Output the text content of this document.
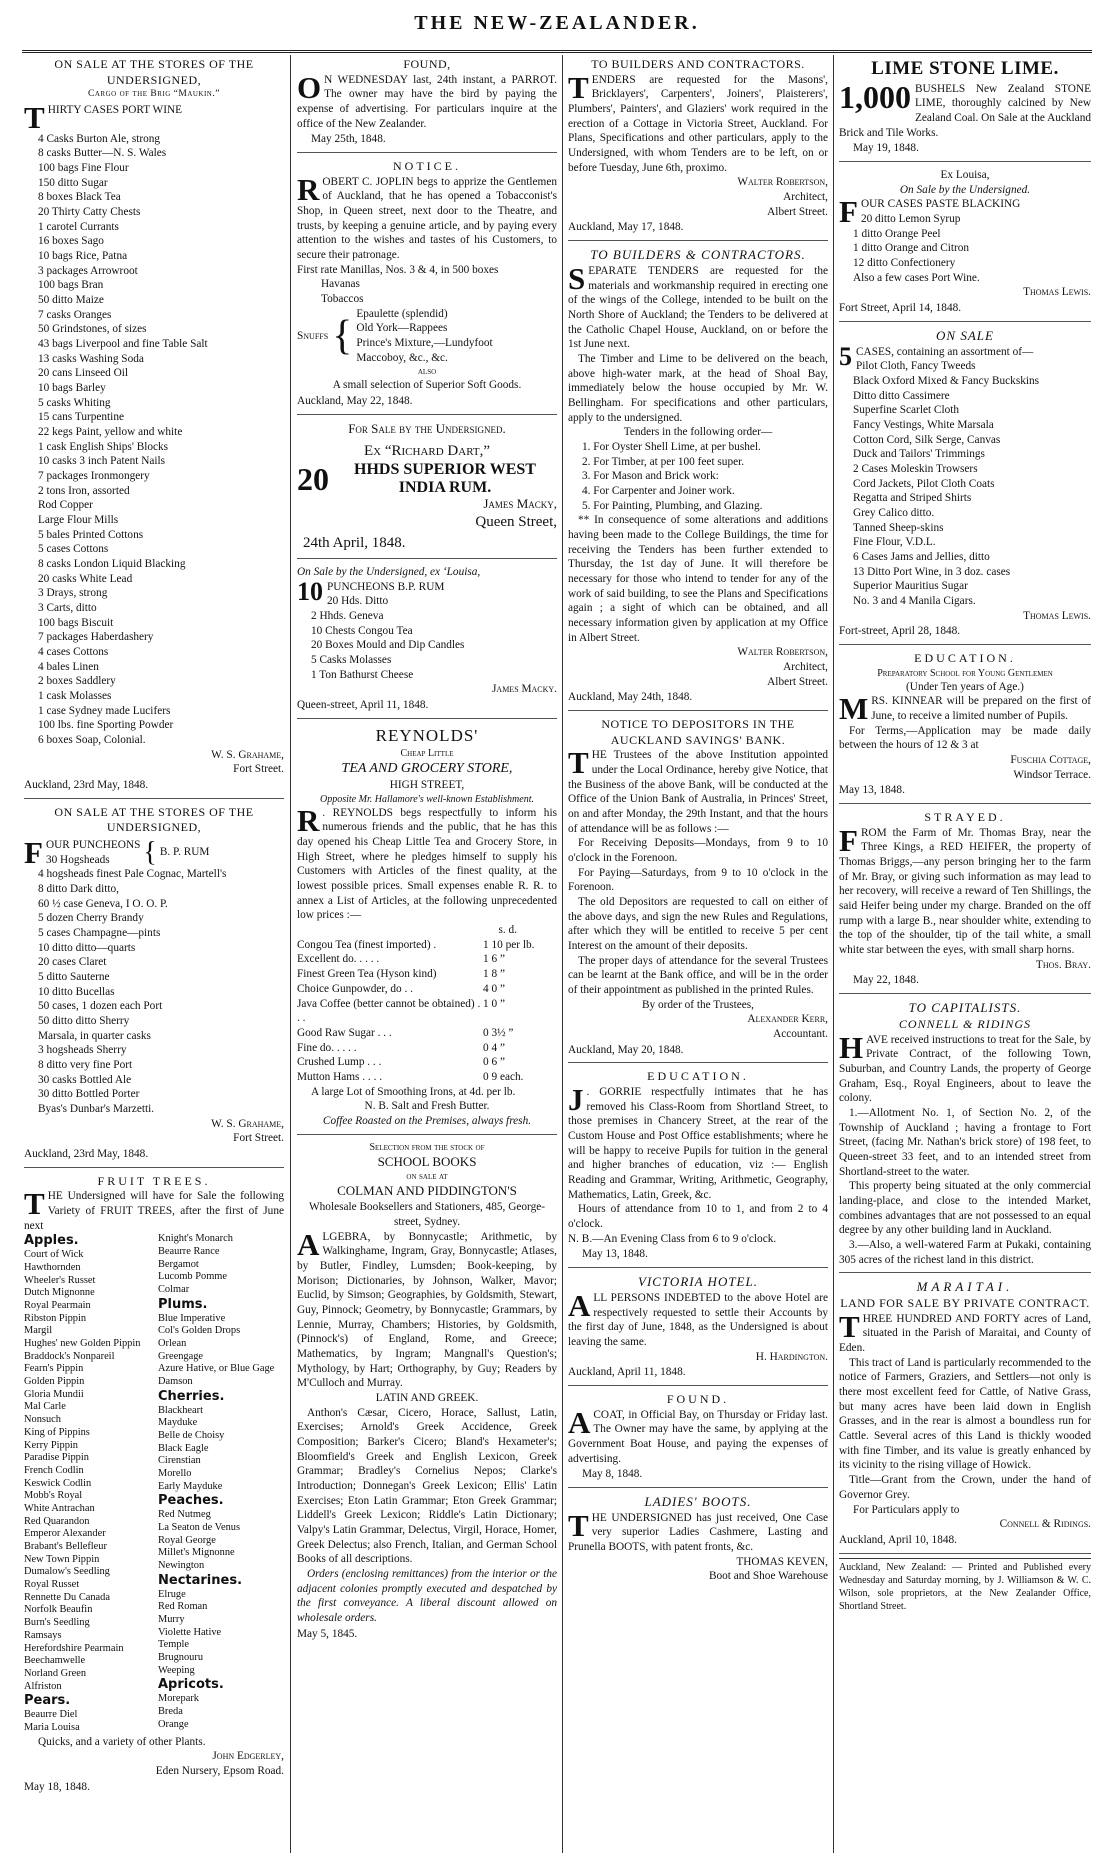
THE NEW-ZEALANDER.
ON SALE AT THE STORES OF THE UNDERSIGNED,
Cargo of the Brig “Maukin.”
THIRTY CASES PORT WINE
4 Casks Burton Ale, strong
8 casks Butter—N. S. Wales
100 bags Fine Flour
150 ditto Sugar
8 boxes Black Tea
20 Thirty Catty Chests
1 carotel Currants
16 boxes Sago
10 bags Rice, Patna
3 packages Arrowroot
100 bags Bran
50 ditto Maize
7 casks Oranges
50 Grindstones, of sizes
43 bags Liverpool and fine Table Salt
13 casks Washing Soda
20 cans Linseed Oil
10 bags Barley
5 casks Whiting
15 cans Turpentine
22 kegs Paint, yellow and white
1 cask English Ships' Blocks
10 casks 3 inch Patent Nails
7 packages Ironmongery
2 tons Iron, assorted
Rod Copper
Large Flour Mills
5 bales Printed Cottons
5 cases Cottons
8 casks London Liquid Blacking
20 casks White Lead
3 Drays, strong
3 Carts, ditto
100 bags Biscuit
7 packages Haberdashery
4 cases Cottons
4 bales Linen
2 boxes Saddlery
1 cask Molasses
1 case Sydney made Lucifers
100 lbs. fine Sporting Powder
6 boxes Soap, Colonial.
W. S. Grahame,
Fort Street.
Auckland, 23rd May, 1848.
ON SALE AT THE STORES OF THE UNDERSIGNED,
FOUR PUNCHEONS
30 Hogsheads	{ B. P. RUM
4 hogsheads finest Pale Cognac, Martell's
8 ditto Dark ditto,
60 ½ case Geneva, I O. O. P.
5 dozen Cherry Brandy
5 cases Champagne—pints
10 ditto ditto—quarts
20 cases Claret
5 ditto Sauterne
10 ditto Bucellas
50 cases, 1 dozen each Port
50 ditto ditto Sherry
Marsala, in quarter casks
3 hogsheads Sherry
8 ditto very fine Port
30 casks Bottled Ale
30 ditto Bottled Porter
Byas's Dunbar's Marzetti.
W. S. Grahame,
Fort Street.
Auckland, 23rd May, 1848.
FRUIT TREES.
THE Undersigned will have for Sale the following Variety of FRUIT TREES, after the first of June next
Apples.
Court of Wick
Hawthornden
Wheeler's Russet
Dutch Mignonne
Royal Pearmain
Ribston Pippin
Margil
Hughes' new Golden Pippin
Braddock's Nonpareil
Fearn's Pippin
Golden Pippin
Gloria Mundii
Mal Carle
Nonsuch
King of Pippins
Kerry Pippin
Paradise Pippin
French Codlin
Keswick Codlin
Mobb's Royal
White Antrachan
Red Quarandon
Emperor Alexander
Brabant's Bellefleur
New Town Pippin
Dumalow's Seedling
Royal Russet
Rennette Du Canada
Norfolk Beaufin
Burn's Seedling
Ramsays
Herefordshire Pearmain
Beechamwelle
Norland Green
Alfriston
Pears.
Beaurre Diel
Maria Louisa
Knight's Monarch
Beaurre Rance
Bergamot
Lucomb Pomme
Colmar
Plums.
Blue Imperative
Col's Golden Drops
Orlean
Greengage
Azure Hative, or Blue Gage
Damson
Cherries.
Blackheart
Mayduke
Belle de Choisy
Black Eagle
Cirenstian
Morello
Early Mayduke
Peaches.
Red Nutmeg
La Seaton de Venus
Royal George
Millet's Mignonne
Newington
Nectarines.
Elruge
Red Roman
Murry
Violette Hative
Temple
Brugnouru
Weeping
Apricots.
Morepark
Breda
Orange
Quicks, and a variety of other Plants.
John Edgerley,
Eden Nursery, Epsom Road.
May 18, 1848.
FOUND,
O N WEDNESDAY last, 24th instant, a PARROT. The owner may have the bird by paying the expense of advertising. For particulars inquire at the office of the New Zealander.
May 25th, 1848.
NOTICE.
ROBERT C. JOPLIN begs to apprize the Gentlemen of Auckland, that he has opened a Tobacconist's Shop, in Queen street, next door to the Theatre, and trusts, by keeping a genuine article, and by paying every attention to the wishes and tastes of his Customers, to secure their patronage.
First rate Manillas, Nos. 3 & 4, in 500 boxes
Havanas
Tobaccos
Snuffs { Epaulette (splendid)
Old York—Rappees
Prince's Mixture,—Lundyfoot
Maccoboy, &c., &c.
also
A small selection of Superior Soft Goods.
Auckland, May 22, 1848.
For Sale by the Undersigned.
Ex “Richard Dart,”
20	HHDS SUPERIOR WEST INDIA RUM.
James Macky,
Queen Street,
24th April, 1848.
On Sale by the Undersigned, ex ‘Louisa,
10 PUNCHEONS B.P. RUM
20 Hds. Ditto
2 Hhds. Geneva
10 Chests Congou Tea
20 Boxes Mould and Dip Candles
5 Casks Molasses
1 Ton Bathurst Cheese
James Macky.
Queen-street, April 11, 1848.
REYNOLDS'
Cheap Little
TEA AND GROCERY STORE,
HIGH STREET,
Opposite Mr. Hallamore's well-known Establishment.
R . REYNOLDS begs respectfully to inform his numerous friends and the public, that he has this day opened his Cheap Little Tea and Grocery Store, in High Street, where he pledges himself to supply his Customers with Articles of the finest quality, at the lowest possible prices. Small expenses enable R. R. to annex a List of Articles, at the following unprecedented low prices :—
s. d.
Congou Tea (finest imported) .	1 10 per lb.
Excellent do. . . . .	1 6 ”
Finest Green Tea (Hyson kind)	1 8 ”
Choice Gunpowder, do . .	4 0 ”
Java Coffee (better cannot be obtained) . . .
1 0 ”
Good Raw Sugar . . .	0 3½ ”
Fine do. . . . .	0 4 ”
Crushed Lump . . .	0 6 ”
Mutton Hams . . . .	0 9 each.
A large Lot of Smoothing Irons, at 4d. per lb.
N. B. Salt and Fresh Butter.
Coffee Roasted on the Premises, always fresh.
Selection from the stock of
SCHOOL BOOKS
on sale at
COLMAN AND PIDDINGTON'S
Wholesale Booksellers and Stationers, 485, George-street, Sydney.
ALGEBRA, by Bonnycastle; Arithmetic, by Walkinghame, Ingram, Gray, Bonnycastle; Atlases, by Butler, Findley, Lumsden; Book-keeping, by Morison; Dictionaries, by Johnson, Walker, Mavor; Euclid, by Simson; Geographies, by Goldsmith, Stewart, Guy, Pinnock; Geometry, by Bonnycastle; Grammars, by Lennie, Murray, Chambers; Histories, by Goldsmith, (Pinnock's) of England, Rome, and Greece; Mathematics, by Ingram; Mangnall's Question's; Mythology, by Hart; Orthography, by Guy; Readers by M'Culloch and Murray.
LATIN AND GREEK.
Anthon's Cæsar, Cicero, Horace, Sallust, Latin, Exercises; Arnold's Greek Accidence, Greek Composition; Barker's Cicero; Bland's Hexameter's; Bloomfield's Greek and English Lexicon, Greek Grammar; Bradley's Cornelius Nepos; Clarke's Introduction; Donnegan's Greek Lexicon; Ellis' Latin Exercises; Eton Latin Grammar; Eton Greek Grammar; Liddell's Greek Lexicon; Riddle's Latin Dictionary; Valpy's Latin Grammar, Delectus, Virgil, Horace, Homer, Greek Delectus; also French, Italian, and German School Books of all descriptions.
Orders (enclosing remittances) from the interior or the adjacent colonies promptly executed and despatched by the first conveyance. A liberal discount allowed on wholesale orders.
May 5, 1845.
TO BUILDERS AND CONTRACTORS.
TENDERS are requested for the Masons', Bricklayers', Carpenters', Joiners', Plaisterers', Plumbers', Painters', and Glaziers' work required in the erection of a Cottage in Victoria Street, Auckland. For Plans, Specifications and other particulars, apply to the Undersigned, with whom Tenders are to be left, on or before Tuesday, June 6th, proximo.
Walter Robertson,
Architect,
Albert Street.
Auckland, May 17, 1848.
TO BUILDERS & CONTRACTORS.
SEPARATE TENDERS are requested for the materials and workmanship required in erecting one of the wings of the College, intended to be built on the North Shore of Auckland; the Tenders to be delivered at the Catholic Chapel House, Auckland, on or before the 1st June next.
The Timber and Lime to be delivered on the beach, above high-water mark, at the head of Shoal Bay, immediately below the house occupied by Mr. W. Bellingham. For specifications and other particulars, apply to the undersigned.
Tenders in the following order—
1. For Oyster Shell Lime, at per bushel.
2. For Timber, at per 100 feet super.
3. For Mason and Brick work:
4. For Carpenter and Joiner work.
5. For Painting, Plumbing, and Glazing.
*⁠*⁠ In consequence of some alterations and additions having been made to the College Buildings, the time for receiving the Tenders has been further extended to Thursday, the 1st day of June. It will therefore be necessary for those who intend to tender for any of the work of said building, to see the Plans and Specifications again ; a sight of which can be obtained, and all necessary information given by application at my Office in Albert Street.
Walter Robertson,
Architect,
Albert Street.
Auckland, May 24th, 1848.
NOTICE TO DEPOSITORS IN THE AUCKLAND SAVINGS' BANK.
THE Trustees of the above Institution appointed under the Local Ordinance, hereby give Notice, that the Business of the above Bank, will be conducted at the Office of the Union Bank of Australia, in Princes' Street, on and after Monday, the 29th Instant, and that the hours of attendance will be as follows :—
For Receiving Deposits—Mondays, from 9 to 10 o'clock in the Forenoon.
For Paying—Saturdays, from 9 to 10 o'clock in the Forenoon.
The old Depositors are requested to call on either of the above days, and sign the new Rules and Regulations, after which they will be entitled to receive 5 per cent Interest on the amount of their deposits.
The proper days of attendance for the several Trustees can be learnt at the Bank office, and will be in the order of their appointment as published in the printed Rules.
By order of the Trustees,
Alexander Kerr,
Accountant.
Auckland, May 20, 1848.
EDUCATION.
J . GORRIE respectfully intimates that he has removed his Class-Room from Shortland Street, to those premises in Chancery Street, at the rear of the Custom House and Post Office establishments; where he will be happy to receive Pupils for tuition in the general and higher branches of education, viz :— English Reading and Grammar, Writing, Arithmetic, Geography, Mathematics, Latin, Greek, &c.
Hours of attendance from 10 to 1, and from 2 to 4 o'clock.
N. B.—An Evening Class from 6 to 9 o'clock.
May 13, 1848.
VICTORIA HOTEL.
ALL PERSONS INDEBTED to the above Hotel are respectively requested to settle their Accounts by the first day of June, 1848, as the Undersigned is about leaving the same.
H. Hardington.
Auckland, April 11, 1848.
FOUND.
A COAT, in Official Bay, on Thursday or Friday last. The Owner may have the same, by applying at the Government Boat House, and paying the expenses of advertising.
May 8, 1848.
LADIES' BOOTS.
THE UNDERSIGNED has just received, One Case very superior Ladies Cashmere, Lasting and Prunella BOOTS, with patent fronts, &c.
THOMAS KEVEN,
Boot and Shoe Warehouse
LIME STONE LIME.
1,000 BUSHELS New Zealand STONE LIME, thoroughly calcined by New Zealand Coal. On Sale at the Auckland Brick and Tile Works.
May 19, 1848.
Ex Louisa,
On Sale by the Undersigned.
FOUR CASES PASTE BLACKING
20 ditto Lemon Syrup
1 ditto Orange Peel
1 ditto Orange and Citron
12 ditto Confectionery
Also a few cases Port Wine.
Thomas Lewis.
Fort Street, April 14, 1848.
ON SALE
5 CASES, containing an assortment of—
Pilot Cloth, Fancy Tweeds
Black Oxford Mixed & Fancy Buckskins
Ditto ditto Cassimere
Superfine Scarlet Cloth
Fancy Vestings, White Marsala
Cotton Cord, Silk Serge, Canvas
Duck and Tailors' Trimmings
2 Cases Moleskin Trowsers
Cord Jackets, Pilot Cloth Coats
Regatta and Striped Shirts
Grey Calico ditto.
Tanned Sheep-skins
Fine Flour, V.D.L.
6 Cases Jams and Jellies, ditto
13 Ditto Port Wine, in 3 doz. cases
Superior Mauritius Sugar
No. 3 and 4 Manila Cigars.
Thomas Lewis.
Fort-street, April 28, 1848.
EDUCATION.
Preparatory School for Young Gentlemen
(Under Ten years of Age.)
MRS. KINNEAR will be prepared on the first of June, to receive a limited number of Pupils.
For Terms,—Application may be made daily between the hours of 12 & 3 at
Fuschia Cottage,
Windsor Terrace.
May 13, 1848.
STRAYED.
FROM the Farm of Mr. Thomas Bray, near the Three Kings, a RED HEIFER, the property of Thomas Briggs,—any person bringing her to the farm of Mr. Bray, or giving such information as may lead to her recovery, will receive a reward of Ten Shillings, the said Heifer being under my charge. Branded on the off rump with a large B., near shoulder white, extending to the top of the shoulder, tip of the tail white, a small white star between the eyes, with small sharp horns.
Thos. Bray.
May 22, 1848.
TO CAPITALISTS.
CONNELL & RIDINGS
HAVE received instructions to treat for the Sale, by Private Contract, of the following Town, Suburban, and Country Lands, the property of George Graham, Esq., Royal Engineers, about to leave the colony.
1.—Allotment No. 1, of Section No. 2, of the Township of Auckland ; having a frontage to Fort Street, (facing Mr. Nathan's brick store) of 198 feet, to Queen-street 33 feet, and to an intended street from Shortland-street to the water.
This property being situated at the only commercial landing-place, and close to the intended Market, combines advantages that are not possessed to an equal degree by any other building land in Auckland.
3.—Also, a well-watered Farm at Pukaki, containing 305 acres of the richest land in this district.
MARAITAI.
LAND FOR SALE BY PRIVATE CONTRACT.
THREE HUNDRED AND FORTY acres of Land, situated in the Parish of Maraitai, and County of Eden.
This tract of Land is particularly recommended to the notice of Farmers, Graziers, and Settlers—not only is there most excellent feed for Cattle, of Native Grass, but many acres have been laid down in English Grasses, and in the rear is almost a boundless run for Cattle. Several acres of this Land is thickly wooded with fine Timber, and its value is greatly enhanced by its vicinity to the rising village of Howick.
Title—Grant from the Crown, under the hand of Governor Grey.
For Particulars apply to
Connell & Ridings.
Auckland, April 10, 1848.
Auckland, New Zealand: — Printed and Published every Wednesday and Saturday morning, by J. Williamson & W. C. Wilson, sole proprietors, at the New Zealander Office, Shortland Street.
